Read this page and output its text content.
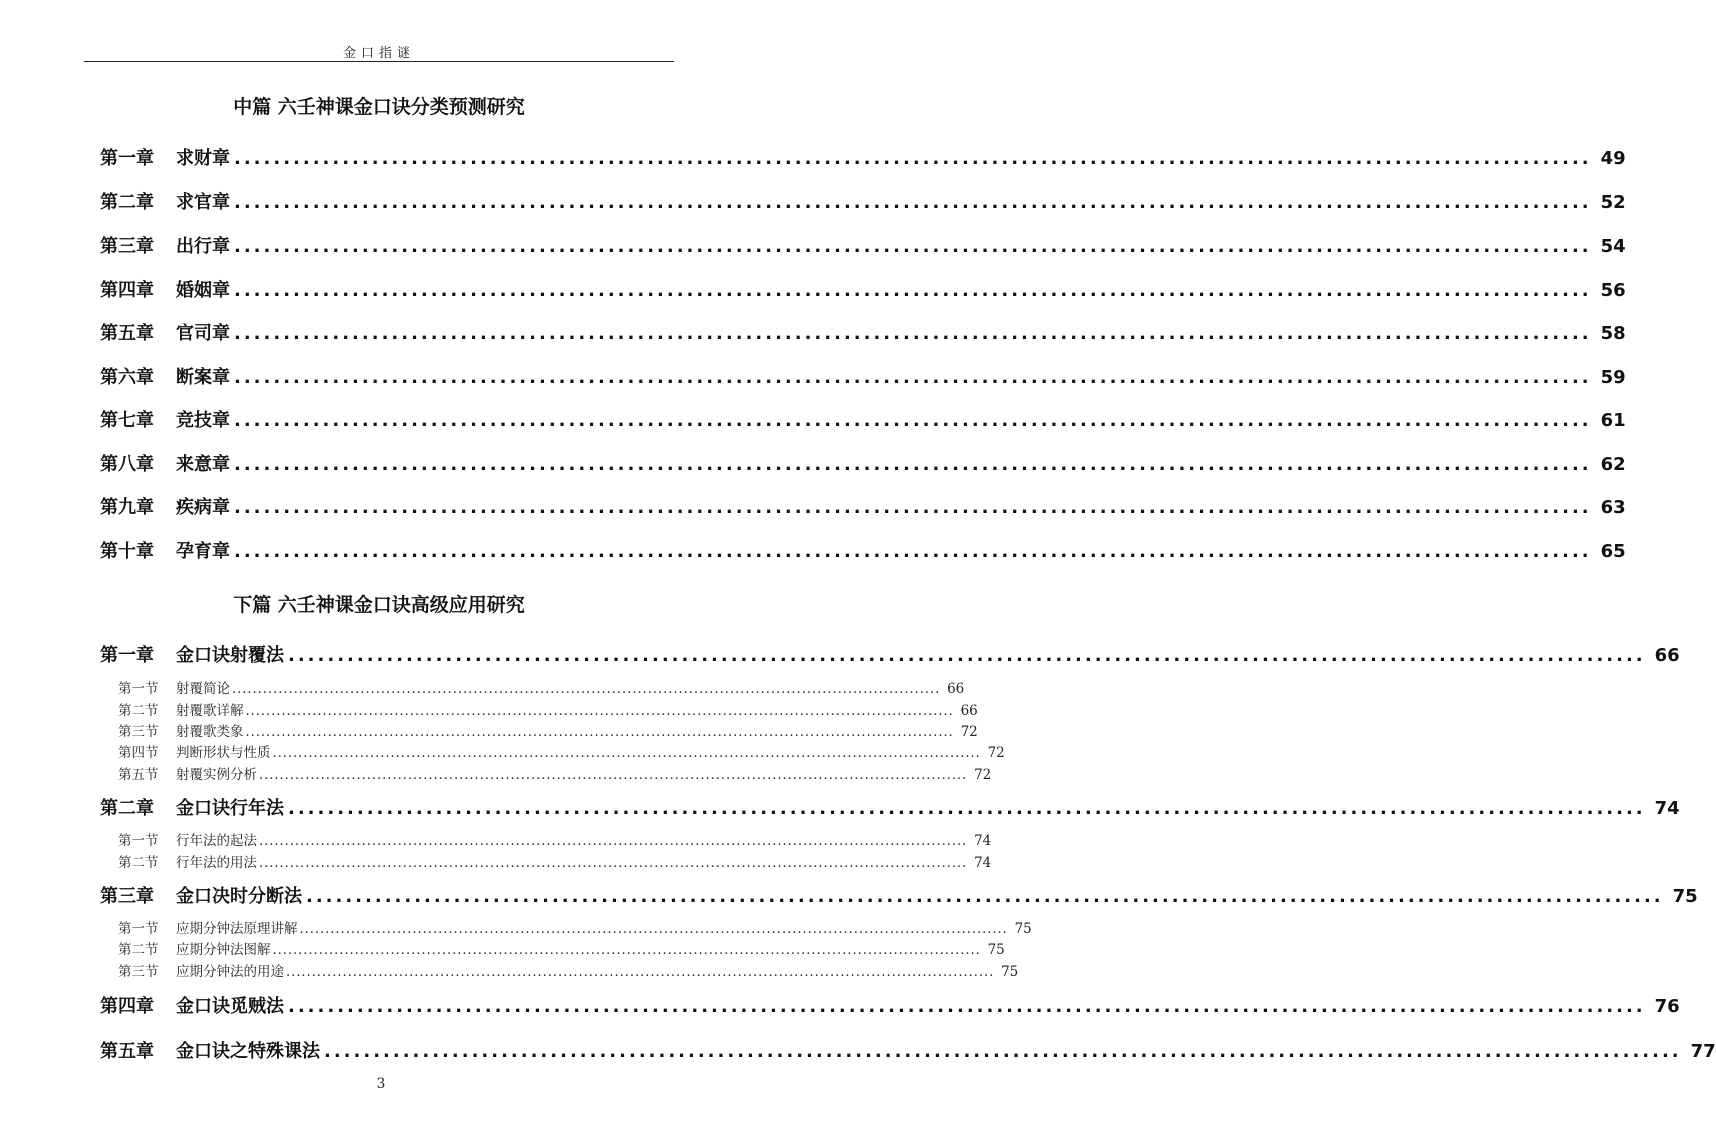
金口指谜
中篇 六壬神课金口诀分类预测研究
第一章 求财章 .......................................................................................................................................... 49
第二章 求官章 .......................................................................................................................................... 52
第三章 出行章 .......................................................................................................................................... 54
第四章 婚姻章 .......................................................................................................................................... 56
第五章 官司章 .......................................................................................................................................... 58
第六章 断案章 .......................................................................................................................................... 59
第七章 竞技章 .......................................................................................................................................... 61
第八章 来意章 .......................................................................................................................................... 62
第九章 疾病章 .......................................................................................................................................... 63
第十章 孕育章 .......................................................................................................................................... 65
下篇 六壬神课金口诀高级应用研究
第一章 金口诀射覆法 .......................................................................................................................................... 66
第一节 射覆简论 .......................................................................................................................................... 66
第二节 射覆歌详解 .......................................................................................................................................... 66
第三节 射覆歌类象 .......................................................................................................................................... 72
第四节 判断形状与性质 .......................................................................................................................................... 72
第五节 射覆实例分析 .......................................................................................................................................... 72
第二章 金口诀行年法 .......................................................................................................................................... 74
第一节 行年法的起法 .......................................................................................................................................... 74
第二节 行年法的用法 .......................................................................................................................................... 74
第三章 金口决时分断法 .......................................................................................................................................... 75
第一节 应期分钟法原理讲解 .......................................................................................................................................... 75
第二节 应期分钟法图解 .......................................................................................................................................... 75
第三节 应期分钟法的用途 .......................................................................................................................................... 75
第四章 金口诀觅贼法 .......................................................................................................................................... 76
第五章 金口诀之特殊课法 .......................................................................................................................................... 77
3
